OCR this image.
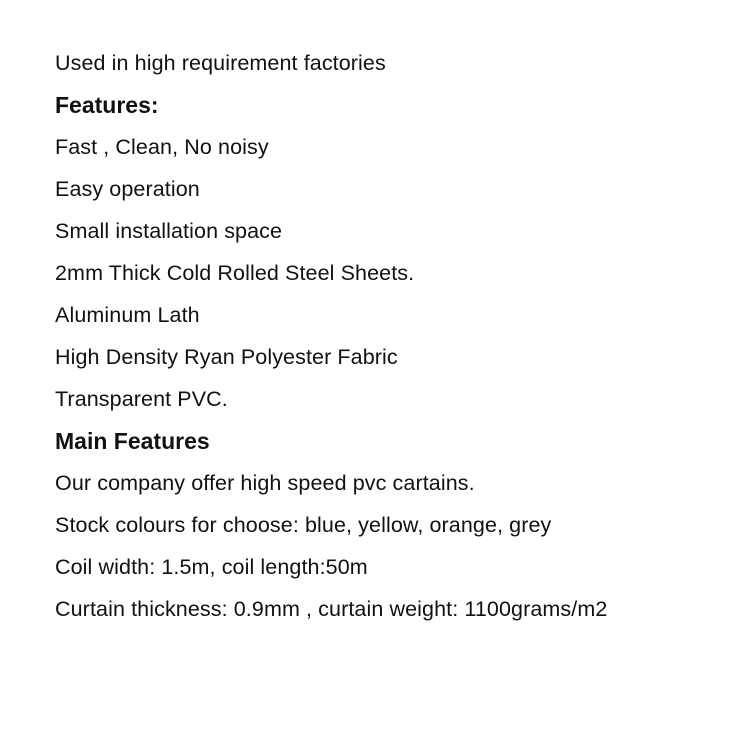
Used in high requirement factories
Features:
Fast , Clean, No noisy
Easy operation
Small installation space
2mm Thick Cold Rolled Steel Sheets.
Aluminum Lath
High Density Ryan Polyester Fabric
Transparent PVC.
Main Features
Our company offer high speed pvc cartains.
Stock colours for choose: blue, yellow, orange, grey
Coil width: 1.5m, coil length:50m
Curtain thickness: 0.9mm , curtain weight: 1100grams/m2
